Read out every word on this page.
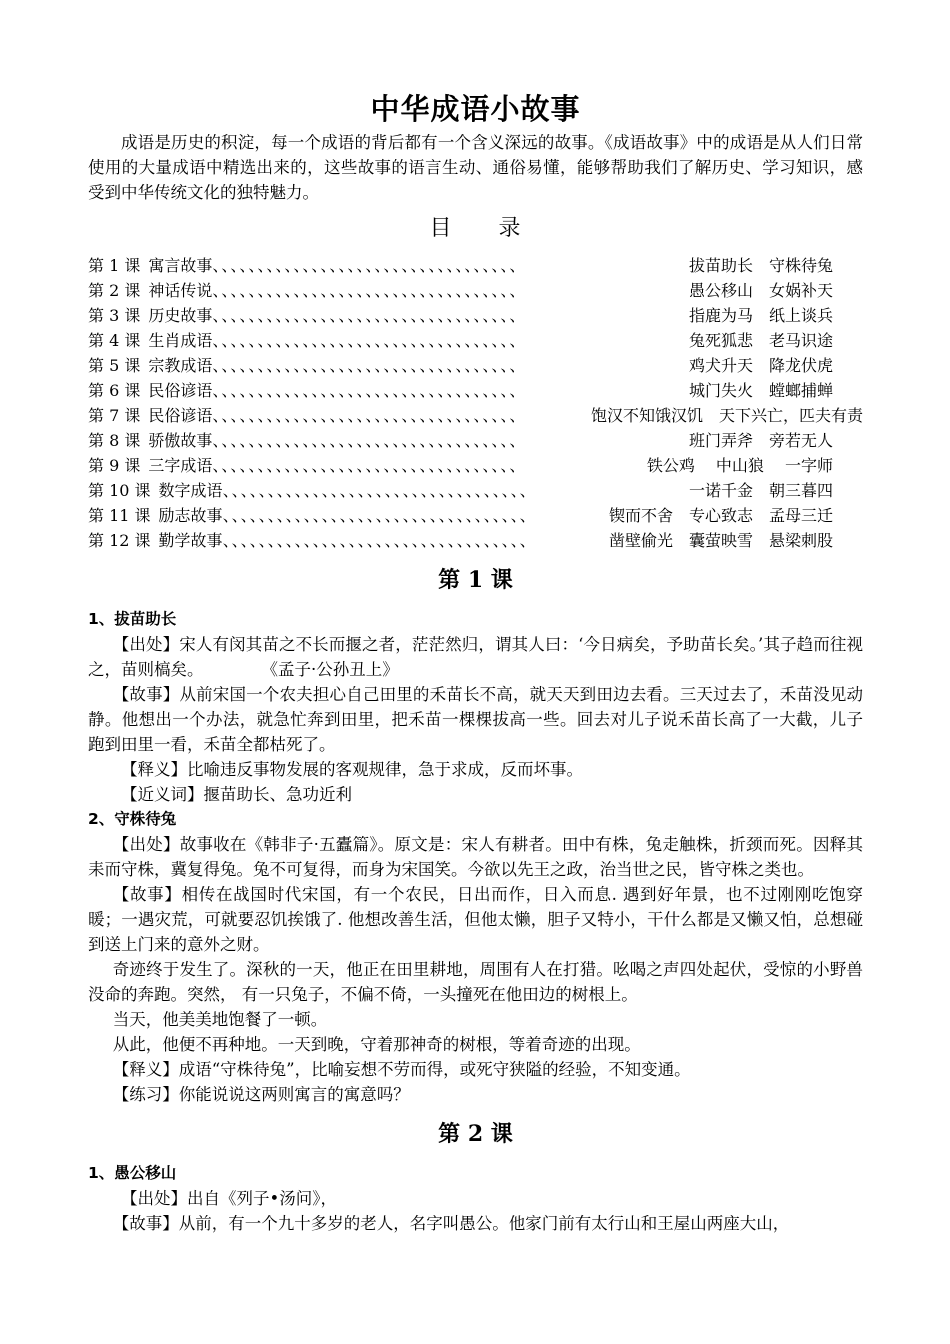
中华成语小故事

成语是历史的积淀，每一个成语的背后都有一个含义深远的故事。《成语故事》中的成语是从人们日常使用的大量成语中精选出来的，这些故事的语言生动、通俗易懂，能够帮助我们了解历史、学习知识，感受到中华传统文化的独特魅力。

目 录
第 1 课 寓言故事 、、、、、、、、、、、、、、、、、、、、、、、、、、、、、、、、、、	拔苗助长　守株待兔
第 2 课 神话传说 、、、、、、、、、、、、、、、、、、、、、、、、、、、、、、、、、、	愚公移山　女娲补天
第 3 课 历史故事 、、、、、、、、、、、、、、、、、、、、、、、、、、、、、、、、、、	指鹿为马　纸上谈兵
第 4 课 生肖成语 、、、、、、、、、、、、、、、、、、、、、、、、、、、、、、、、、、	兔死狐悲　老马识途
第 5 课 宗教成语 、、、、、、、、、、、、、、、、、、、、、、、、、、、、、、、、、、	鸡犬升天　降龙伏虎
第 6 课 民俗谚语 、、、、、、、、、、、、、、、、、、、、、、、、、、、、、、、、、、	城门失火　螳螂捕蝉
第 7 课 民俗谚语 、、、、、、、、、、、、、、、、、、、、、、、、、、、、、、、、、、	饱汉不知饿汉饥　天下兴亡，匹夫有责
第 8 课 骄傲故事 、、、、、、、、、、、、、、、、、、、、、、、、、、、、、、、、、、	班门弄斧　旁若无人
第 9 课 三字成语 、、、、、、、、、、、、、、、、、、、、、、、、、、、、、、、、、、	铁公鸡　 中山狼　 一字师
第 10 课 数字成语 、、、、、、、、、、、、、、、、、、、、、、、、、、、、、、、、、、	一诺千金　朝三暮四
第 11 课 励志故事 、、、、、、、、、、、、、、、、、、、、、、、、、、、、、、、、、、	锲而不舍　专心致志　孟母三迁
第 12 课 勤学故事 、、、、、、、、、、、、、、、、、、、、、、、、、、、、、、、、、、	凿壁偷光　囊萤映雪　悬梁刺股
第 1 课
1、拔苗助长

【出处】宋人有闵其苗之不长而揠之者，茫茫然归，谓其人曰：‘今日病矣，予助苗长矣。’其子趋而往视之，苗则槁矣。	《孟子·公孙丑上》

【故事】从前宋国一个农夫担心自己田里的禾苗长不高，就天天到田边去看。三天过去了，禾苗没见动静。他想出一个办法，就急忙奔到田里，把禾苗一棵棵拔高一些。回去对儿子说禾苗长高了一大截，儿子跑到田里一看，禾苗全都枯死了。

【释义】比喻违反事物发展的客观规律，急于求成，反而坏事。

【近义词】揠苗助长、急功近利

2、守株待兔

【出处】故事收在《韩非子·五蠹篇》。原文是：宋人有耕者。田中有株，兔走触株，折颈而死。因释其耒而守株，冀复得兔。兔不可复得，而身为宋国笑。今欲以先王之政，治当世之民，皆守株之类也。

【故事】相传在战国时代宋国，有一个农民，日出而作，日入而息. 遇到好年景，也不过刚刚吃饱穿暖；一遇灾荒，可就要忍饥挨饿了. 他想改善生活，但他太懒，胆子又特小，干什么都是又懒又怕，总想碰到送上门来的意外之财。

奇迹终于发生了。深秋的一天，他正在田里耕地，周围有人在打猎。吆喝之声四处起伏，受惊的小野兽没命的奔跑。突然， 有一只兔子，不偏不倚，一头撞死在他田边的树根上。

当天，他美美地饱餐了一顿。

从此，他便不再种地。一天到晚，守着那神奇的树根，等着奇迹的出现。

【释义】成语“守株待兔”，比喻妄想不劳而得，或死守狭隘的经验，不知变通。

【练习】你能说说这两则寓言的寓意吗？

第 2 课
1、愚公移山

【出处】出自《列子•汤问》，

【故事】从前，有一个九十多岁的老人，名字叫愚公。他家门前有太行山和王屋山两座大山，
